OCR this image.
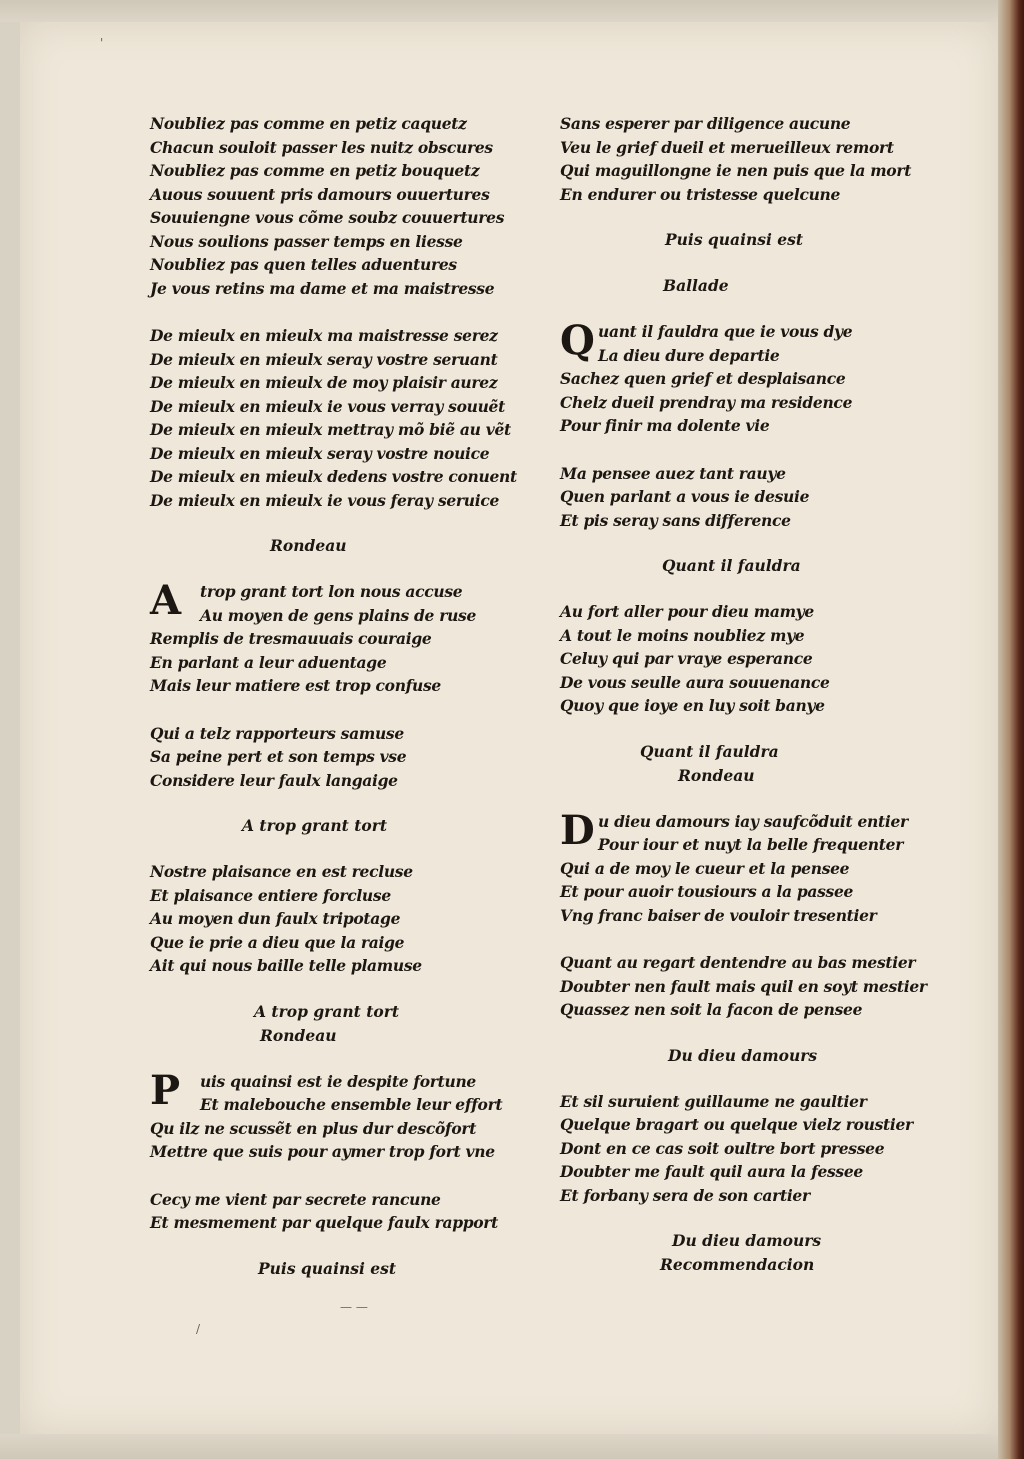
'
/
— —
Noubliez pas comme en petiz caquetz
Chacun souloit passer les nuitz obscures
Noubliez pas comme en petiz bouquetz
Auous souuent pris damours ouuertures
Souuiengne vous cõme soubz couuertures
Nous soulions passer temps en liesse
Noubliez pas quen telles aduentures
Je vous retins ma dame et ma maistresse
De mieulx en mieulx ma maistresse serez
De mieulx en mieulx seray vostre seruant
De mieulx en mieulx de moy plaisir aurez
De mieulx en mieulx ie vous verray souuẽt
De mieulx en mieulx mettray mõ biẽ au vẽt
De mieulx en mieulx seray vostre nouice
De mieulx en mieulx dedens vostre conuent
De mieulx en mieulx ie vous feray seruice
Rondeau
A	trop grant tort lon nous accuse
Au moyen de gens plains de ruse
Remplis de tresmauuais couraige
En parlant a leur aduentage
Mais leur matiere est trop confuse
Qui a telz rapporteurs samuse
Sa peine pert et son temps vse
Considere leur faulx langaige
A trop grant tort
Nostre plaisance en est recluse
Et plaisance entiere forcluse
Au moyen dun faulx tripotage
Que ie prie a dieu que la raige
Ait qui nous baille telle plamuse
A trop grant tort
Rondeau
P	uis quainsi est ie despite fortune
Et malebouche ensemble leur effort
Qu ilz ne scussẽt en plus dur descõfort
Mettre que suis pour aymer trop fort vne
Cecy me vient par secrete rancune
Et mesmement par quelque faulx rapport
Puis quainsi est
Sans esperer par diligence aucune
Veu le grief dueil et merueilleux remort
Qui maguillongne ie nen puis que la mort
En endurer ou tristesse quelcune
Puis quainsi est
Ballade
Q uant il fauldra que ie vous dye
La dieu dure departie
Sachez quen grief et desplaisance
Chelz dueil prendray ma residence
Pour finir ma dolente vie
Ma pensee auez tant rauye
Quen parlant a vous ie desuie
Et pis seray sans difference
Quant il fauldra
Au fort aller pour dieu mamye
A tout le moins noubliez mye
Celuy qui par vraye esperance
De vous seulle aura souuenance
Quoy que ioye en luy soit banye
Quant il fauldra
Rondeau
D u dieu damours iay saufcõduit entier
Pour iour et nuyt la belle frequenter
Qui a de moy le cueur et la pensee
Et pour auoir tousiours a la passee
Vng franc baiser de vouloir tresentier
Quant au regart dentendre au bas mestier
Doubter nen fault mais quil en soyt mestier
Quassez nen soit la facon de pensee
Du dieu damours
Et sil suruient guillaume ne gaultier
Quelque bragart ou quelque vielz roustier
Dont en ce cas soit oultre bort pressee
Doubter me fault quil aura la fessee
Et forbany sera de son cartier
Du dieu damours
Recommendacion
